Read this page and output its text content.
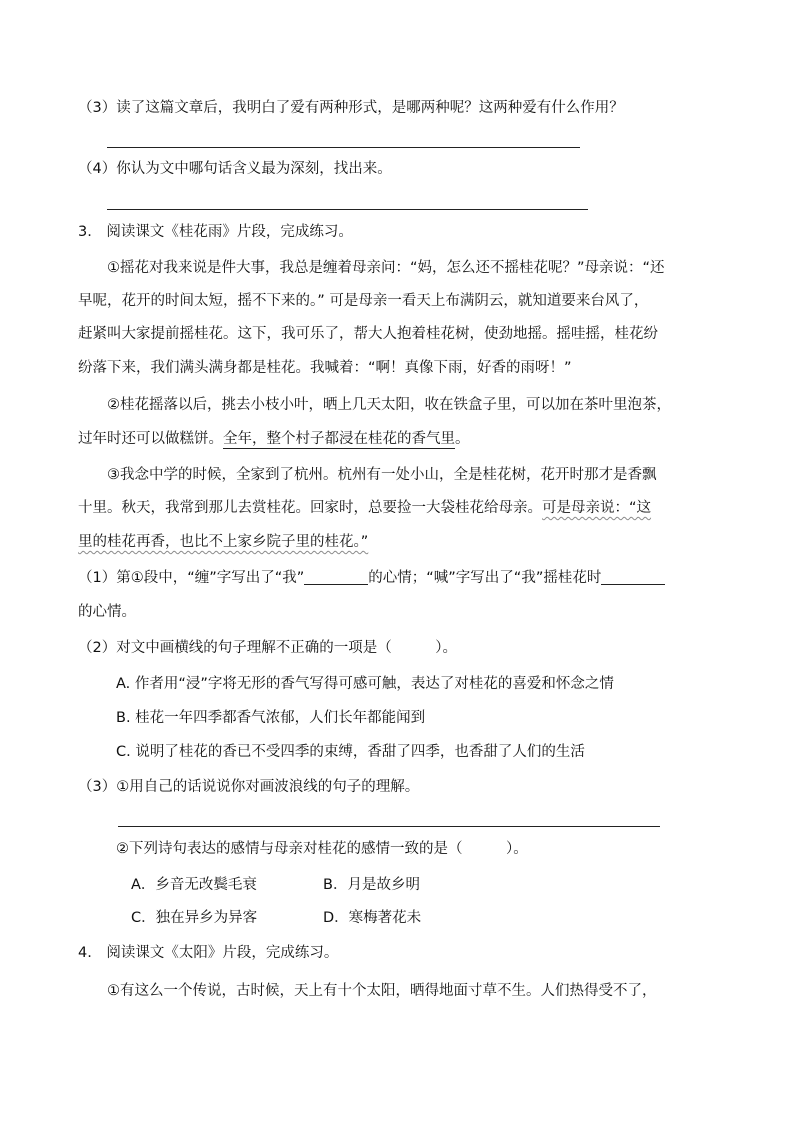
（3）读了这篇文章后，我明白了爱有两种形式，是哪两种呢？这两种爱有什么作用？
（4）你认为文中哪句话含义最为深刻，找出来。
3.　阅读课文《桂花雨》片段，完成练习。
①摇花对我来说是件大事，我总是缠着母亲问：“妈，怎么还不摇桂花呢？”母亲说：“还
早呢，花开的时间太短，摇不下来的。” 可是母亲一看天上布满阴云，就知道要来台风了，
赶紧叫大家提前摇桂花。这下，我可乐了，帮大人抱着桂花树，使劲地摇。摇哇摇，桂花纷
纷落下来，我们满头满身都是桂花。我喊着：“啊！真像下雨，好香的雨呀！”
②桂花摇落以后，挑去小枝小叶，晒上几天太阳，收在铁盒子里，可以加在茶叶里泡茶，
过年时还可以做糕饼。全年，整个村子都浸在桂花的香气里。
③我念中学的时候，全家到了杭州。杭州有一处小山，全是桂花树，花开时那才是香飘
十里。秋天，我常到那儿去赏桂花。回家时，总要捡一大袋桂花给母亲。可是母亲说：“这
里的桂花再香，也比不上家乡院子里的桂花。”
（1）第①段中，“缠”字写出了“我”	的心情；“喊”字写出了“我”摇桂花时
的心情。
（2）对文中画横线的句子理解不正确的一项是（　　　）。
A. 作者用“浸”字将无形的香气写得可感可触，表达了对桂花的喜爱和怀念之情
B. 桂花一年四季都香气浓郁，人们长年都能闻到
C. 说明了桂花的香已不受四季的束缚，香甜了四季，也香甜了人们的生活
（3）①用自己的话说说你对画波浪线的句子的理解。
②下列诗句表达的感情与母亲对桂花的感情一致的是（　　　）。
A．乡音无改鬓毛衰	B．月是故乡明
C．独在异乡为异客	D．寒梅著花未
4.　阅读课文《太阳》片段，完成练习。
①有这么一个传说，古时候，天上有十个太阳，晒得地面寸草不生。人们热得受不了，
